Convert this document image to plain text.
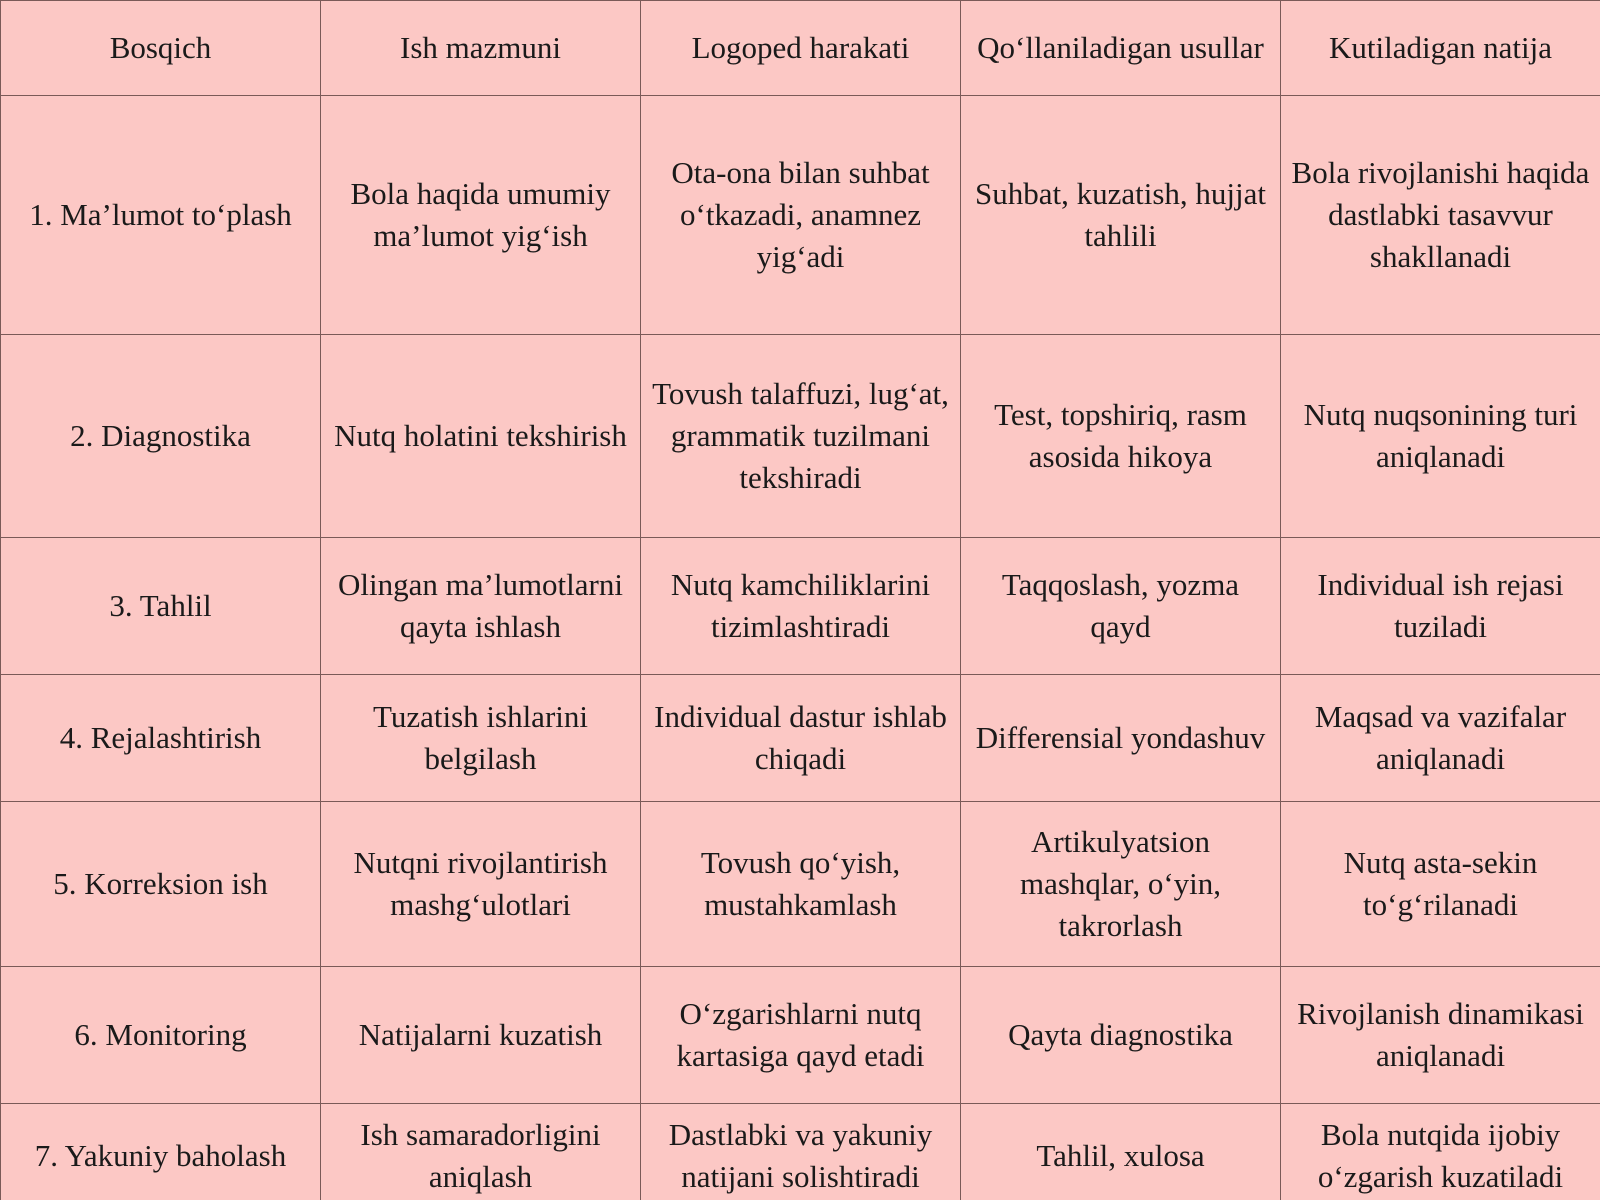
Bosqich	Ish mazmuni	Logoped harakati	Qo‘llaniladigan usullar	Kutiladigan natija
1. Ma’lumot to‘plash	Bola haqida umumiy ma’lumot yig‘ish	Ota-ona bilan suhbat o‘tkazadi, anamnez yig‘adi	Suhbat, kuzatish, hujjat tahlili	Bola rivojlanishi haqida dastlabki tasavvur shakllanadi
2. Diagnostika	Nutq holatini tekshirish	Tovush talaffuzi, lug‘at, grammatik tuzilmani tekshiradi	Test, topshiriq, rasm asosida hikoya	Nutq nuqsonining turi aniqlanadi
3. Tahlil	Olingan ma’lumotlarni qayta ishlash	Nutq kamchiliklarini tizimlashtiradi	Taqqoslash, yozma qayd	Individual ish rejasi tuziladi
4. Rejalashtirish	Tuzatish ishlarini belgilash	Individual dastur ishlab chiqadi	Differensial yondashuv	Maqsad va vazifalar aniqlanadi
5. Korreksion ish	Nutqni rivojlantirish mashg‘ulotlari	Tovush qo‘yish, mustahkamlash	Artikulyatsion mashqlar, o‘yin, takrorlash	Nutq asta-sekin to‘g‘rilanadi
6. Monitoring	Natijalarni kuzatish	O‘zgarishlarni nutq kartasiga qayd etadi	Qayta diagnostika	Rivojlanish dinamikasi aniqlanadi
7. Yakuniy baholash	Ish samaradorligini aniqlash	Dastlabki va yakuniy natijani solishtiradi	Tahlil, xulosa	Bola nutqida ijobiy o‘zgarish kuzatiladi
